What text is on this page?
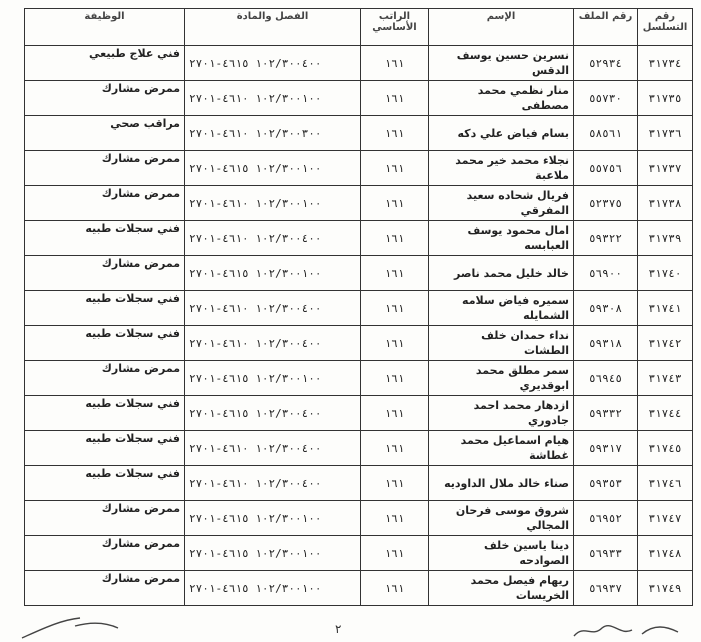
رقم التسلسل	رقم الملف	الإسم	الراتب الأساسي	الفصل والمادة	الوظيفة
٣١٧٣٤	٥٢٩٣٤	نسرين حسين يوسف الدقس	١٦١	١٠٢/٣٠٠٤٠٠ ٤٦١٥-٢٧٠١	فني علاج طبيعي
٣١٧٣٥	٥٥٧٣٠	منار نظمي محمد مصطفى	١٦١	١٠٢/٣٠٠١٠٠ ٤٦١٠-٢٧٠١	ممرض مشارك
٣١٧٣٦	٥٨٥٦١	بسام فياض علي دكه	١٦١	١٠٢/٣٠٠٣٠٠ ٤٦١٠-٢٧٠١	مراقب صحي
٣١٧٣٧	٥٥٧٥٦	نجلاء محمد خير محمد ملاعبة	١٦١	١٠٢/٣٠٠١٠٠ ٤٦١٥-٢٧٠١	ممرض مشارك
٣١٧٣٨	٥٢٣٧٥	فريال شحاده سعيد المفرقي	١٦١	١٠٢/٣٠٠١٠٠ ٤٦١٠-٢٧٠١	ممرض مشارك
٣١٧٣٩	٥٩٣٢٢	امال محمود يوسف العبابسه	١٦١	١٠٢/٣٠٠٤٠٠ ٤٦١٠-٢٧٠١	فني سجلات طبيه
٣١٧٤٠	٥٦٩٠٠	خالد خليل محمد ناصر	١٦١	١٠٢/٣٠٠١٠٠ ٤٦١٥-٢٧٠١	ممرض مشارك
٣١٧٤١	٥٩٣٠٨	سميره فياض سلامه الشمايله	١٦١	١٠٢/٣٠٠٤٠٠ ٤٦١٠-٢٧٠١	فني سجلات طبيه
٣١٧٤٢	٥٩٣١٨	نداء حمدان خلف الطشات	١٦١	١٠٢/٣٠٠٤٠٠ ٤٦١٠-٢٧٠١	فني سجلات طبيه
٣١٧٤٣	٥٦٩٤٥	سمر مطلق محمد ابوقديري	١٦١	١٠٢/٣٠٠١٠٠ ٤٦١٥-٢٧٠١	ممرض مشارك
٣١٧٤٤	٥٩٣٣٢	ازدهار محمد احمد جادوري	١٦١	١٠٢/٣٠٠٤٠٠ ٤٦١٥-٢٧٠١	فني سجلات طبيه
٣١٧٤٥	٥٩٣١٧	هيام اسماعيل محمد غطاشة	١٦١	١٠٢/٣٠٠٤٠٠ ٤٦١٠-٢٧٠١	فني سجلات طبيه
٣١٧٤٦	٥٩٣٥٣	صناء خالد ملال الداوديه	١٦١	١٠٢/٣٠٠٤٠٠ ٤٦١٠-٢٧٠١	فني سجلات طبيه
٣١٧٤٧	٥٦٩٥٢	شروق موسى فرحان المجالي	١٦١	١٠٢/٣٠٠١٠٠ ٤٦١٥-٢٧٠١	ممرض مشارك
٣١٧٤٨	٥٦٩٣٣	دينا ياسين خلف الصوادحه	١٦١	١٠٢/٣٠٠١٠٠ ٤٦١٥-٢٧٠١	ممرض مشارك
٣١٧٤٩	٥٦٩٣٧	ريهام فيصل محمد الخريسات	١٦١	١٠٢/٣٠٠١٠٠ ٤٦١٥-٢٧٠١	ممرض مشارك
٢
